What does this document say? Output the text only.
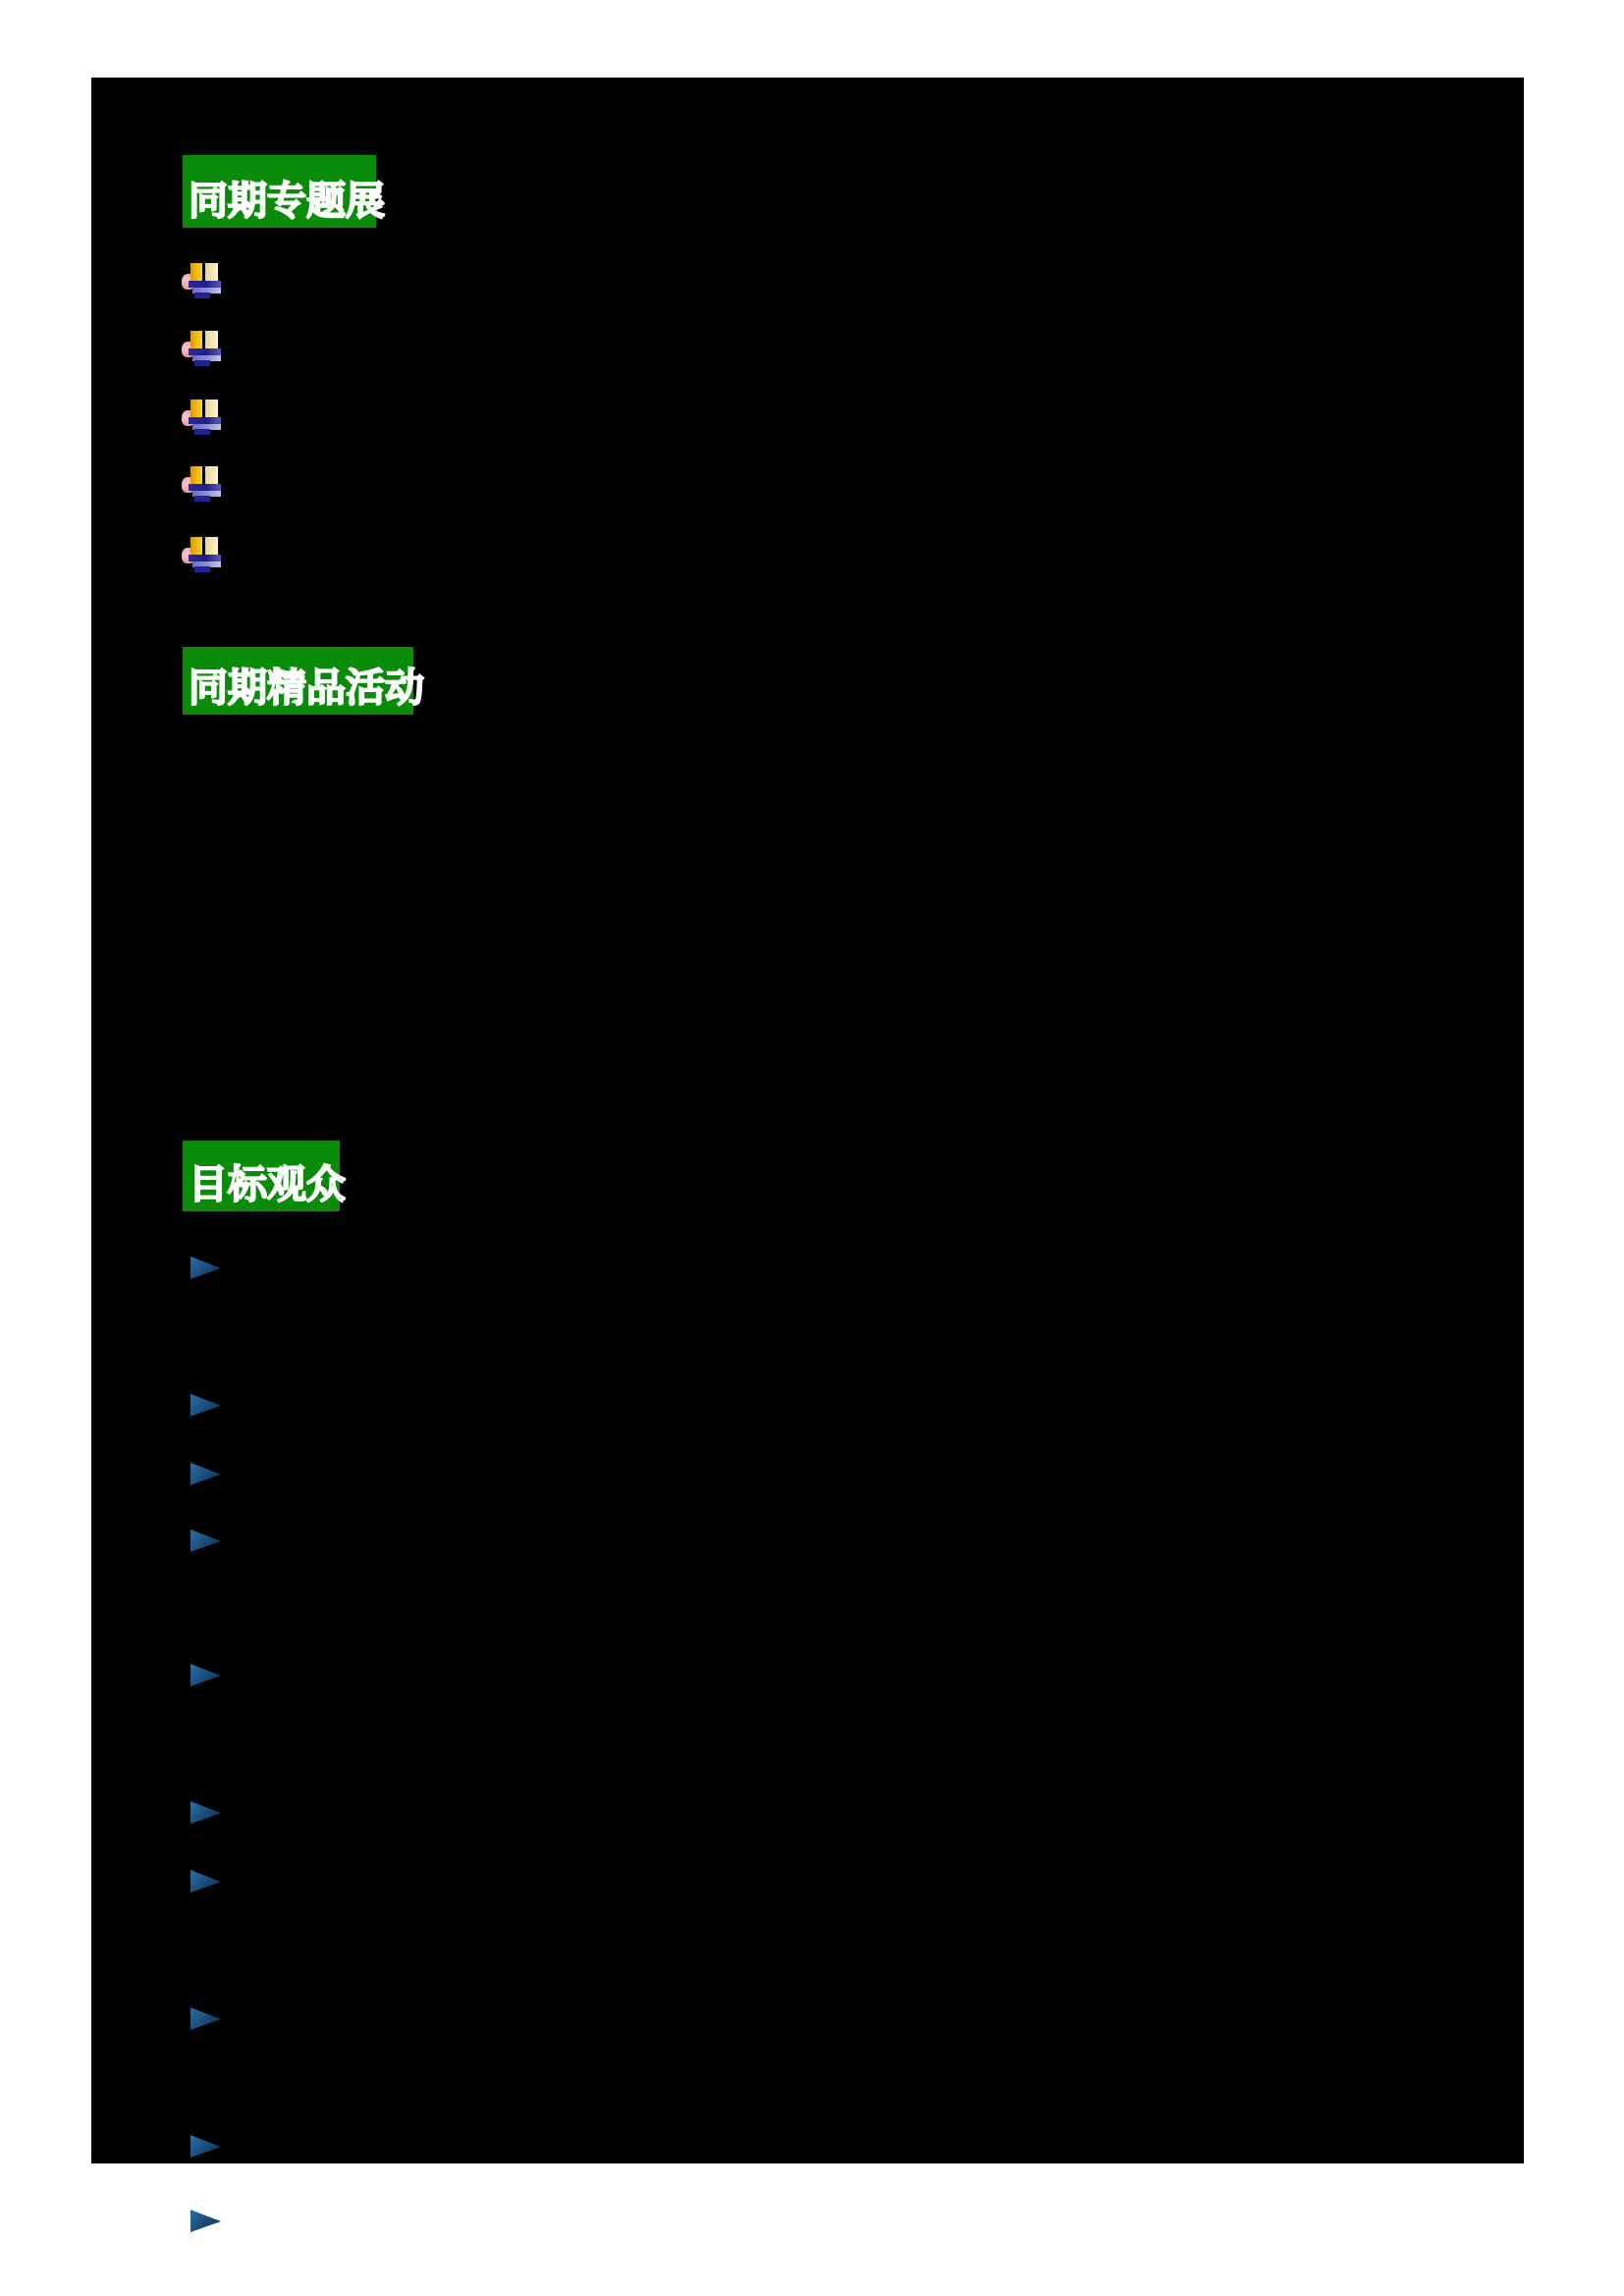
同期专题展
同期精品活动
目标观众
